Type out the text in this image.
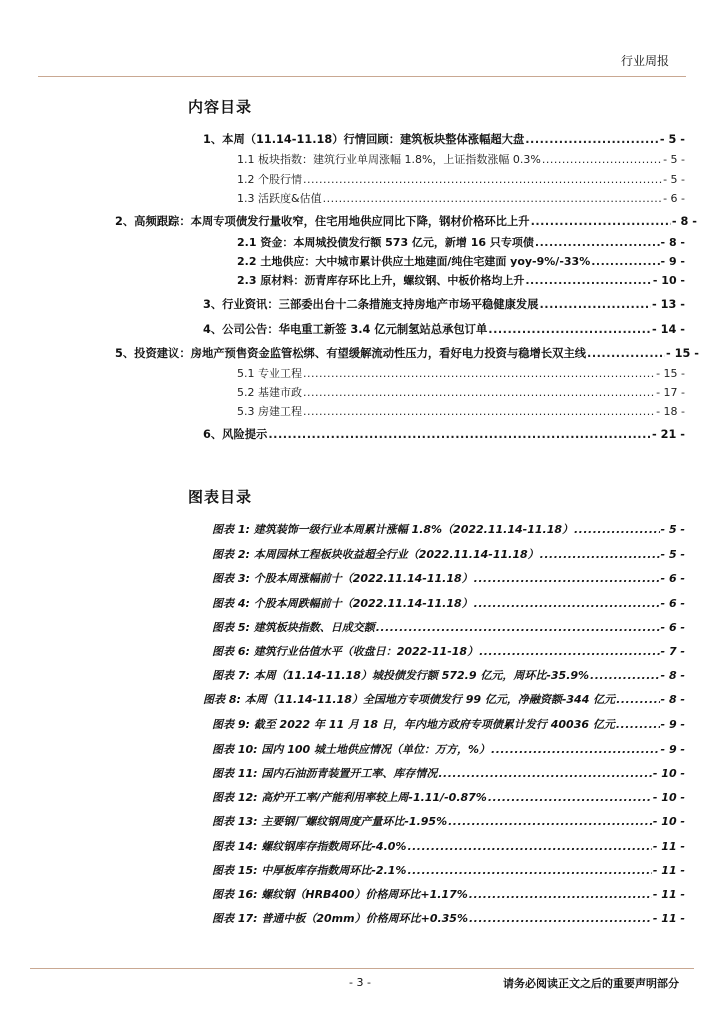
行业周报
内容目录
1、本周（11.14-11.18）行情回顾：建筑板块整体涨幅超大盘 .....	- 5 -
1.1 板块指数：建筑行业单周涨幅 1.8%，上证指数涨幅 0.3% .....	- 5 -
1.2 个股行情 .....	- 5 -
1.3 活跃度&估值 .....	- 6 -
2、高频跟踪：本周专项债发行量收窄，住宅用地供应同比下降，钢材价格环比上升 .....	- 8 -
2.1 资金：本周城投债发行额 573 亿元，新增 16 只专项债 .....	- 8 -
2.2 土地供应：大中城市累计供应土地建面/纯住宅建面 yoy-9%/-33% .....	- 9 -
2.3 原材料：沥青库存环比上升，螺纹钢、中板价格均上升 .....	- 10 -
3、行业资讯：三部委出台十二条措施支持房地产市场平稳健康发展 .....	- 13 -
4、公司公告：华电重工新签 3.4 亿元制氢站总承包订单 .....	- 14 -
5、投资建议：房地产预售资金监管松绑、有望缓解流动性压力，看好电力投资与稳增长双主线 .....	- 15 -
5.1 专业工程 .....	- 15 -
5.2 基建市政 .....	- 17 -
5.3 房建工程 .....	- 18 -
6、风险提示 .....	- 21 -
图表目录
图表 1: 建筑装饰一级行业本周累计涨幅 1.8%（2022.11.14-11.18） .....	- 5 -
图表 2: 本周园林工程板块收益超全行业（2022.11.14-11.18） .....	- 5 -
图表 3: 个股本周涨幅前十（2022.11.14-11.18） .....	- 6 -
图表 4: 个股本周跌幅前十（2022.11.14-11.18） .....	- 6 -
图表 5: 建筑板块指数、日成交额 .....	- 6 -
图表 6: 建筑行业估值水平（收盘日：2022-11-18） .....	- 7 -
图表 7: 本周（11.14-11.18）城投债发行额 572.9 亿元，周环比-35.9% .....	- 8 -
图表 8: 本周（11.14-11.18）全国地方专项债发行 99 亿元，净融资额-344 亿元 .....	- 8 -
图表 9: 截至 2022 年 11 月 18 日，年内地方政府专项债累计发行 40036 亿元 .....	- 9 -
图表 10: 国内 100 城土地供应情况（单位：万方，%） .....	- 9 -
图表 11: 国内石油沥青装置开工率、库存情况 .....	- 10 -
图表 12: 高炉开工率/产能利用率较上周-1.11/-0.87% .....	- 10 -
图表 13: 主要钢厂螺纹钢周度产量环比-1.95% .....	- 10 -
图表 14: 螺纹钢库存指数周环比-4.0% .....	- 11 -
图表 15: 中厚板库存指数周环比-2.1% .....	- 11 -
图表 16: 螺纹钢（HRB400）价格周环比+1.17% .....	- 11 -
图表 17: 普通中板（20mm）价格周环比+0.35% .....	- 11 -
- 3 -	请务必阅读正文之后的重要声明部分
